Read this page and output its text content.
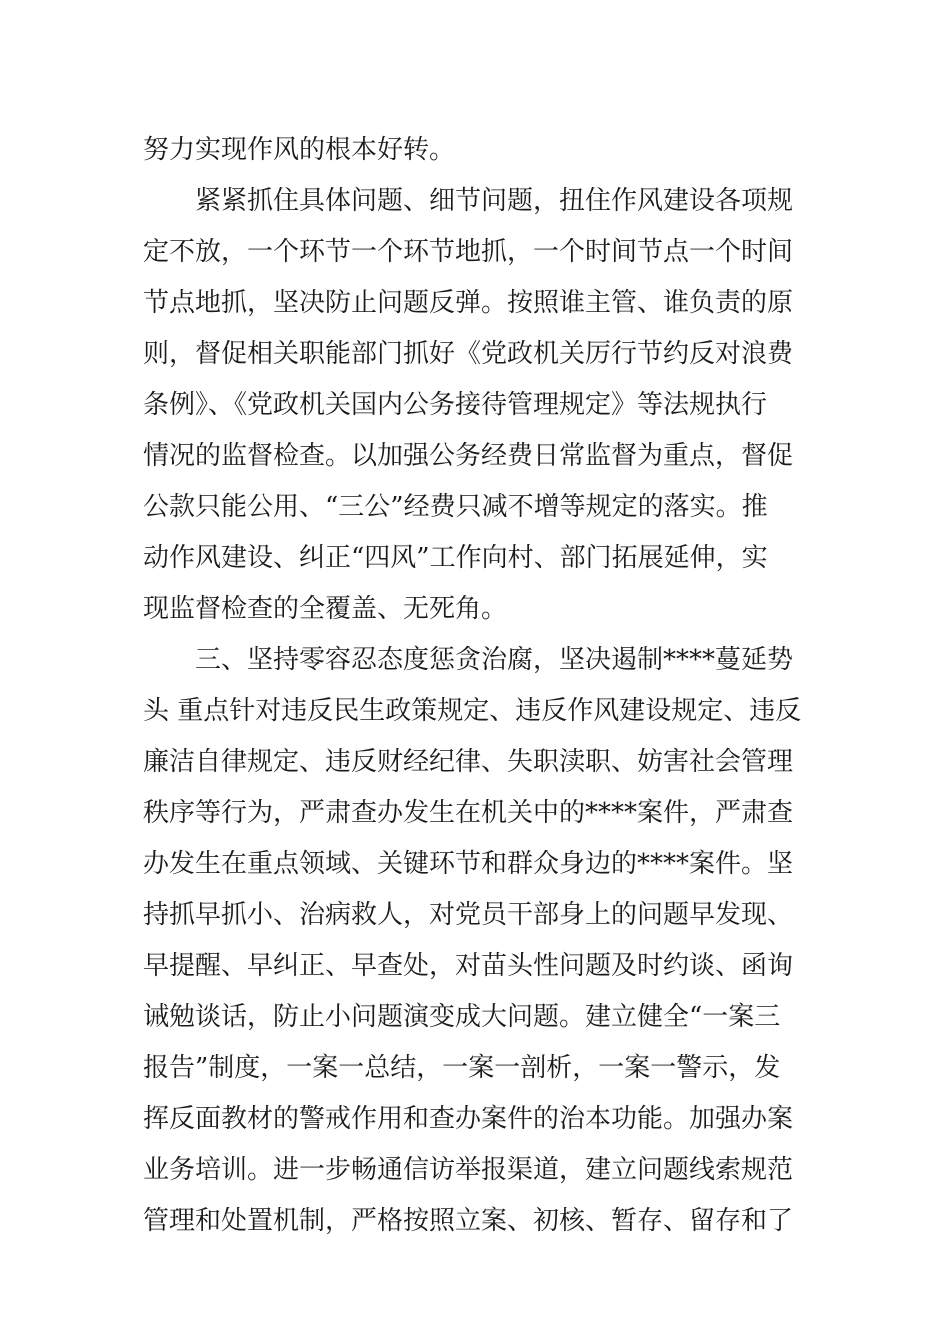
努力实现作风的根本好转。
紧紧抓住具体问题、细节问题，扭住作风建设各项规
定不放，一个环节一个环节地抓，一个时间节点一个时间
节点地抓，坚决防止问题反弹。按照谁主管、谁负责的原
则，督促相关职能部门抓好《党政机关厉行节约反对浪费
条例》、《党政机关国内公务接待管理规定》等法规执行
情况的监督检查。以加强公务经费日常监督为重点，督促
公款只能公用、“三公”经费只减不增等规定的落实。推
动作风建设、纠正“四风”工作向村、部门拓展延伸，实
现监督检查的全覆盖、无死角。
三、坚持零容忍态度惩贪治腐，坚决遏制****蔓延势
头 重点针对违反民生政策规定、违反作风建设规定、违反
廉洁自律规定、违反财经纪律、失职渎职、妨害社会管理
秩序等行为，严肃查办发生在机关中的****案件，严肃查
办发生在重点领域、关键环节和群众身边的****案件。坚
持抓早抓小、治病救人，对党员干部身上的问题早发现、
早提醒、早纠正、早查处，对苗头性问题及时约谈、函询
诫勉谈话，防止小问题演变成大问题。建立健全“一案三
报告”制度，一案一总结，一案一剖析，一案一警示，发
挥反面教材的警戒作用和查办案件的治本功能。加强办案
业务培训。进一步畅通信访举报渠道，建立问题线索规范
管理和处置机制，严格按照立案、初核、暂存、留存和了
